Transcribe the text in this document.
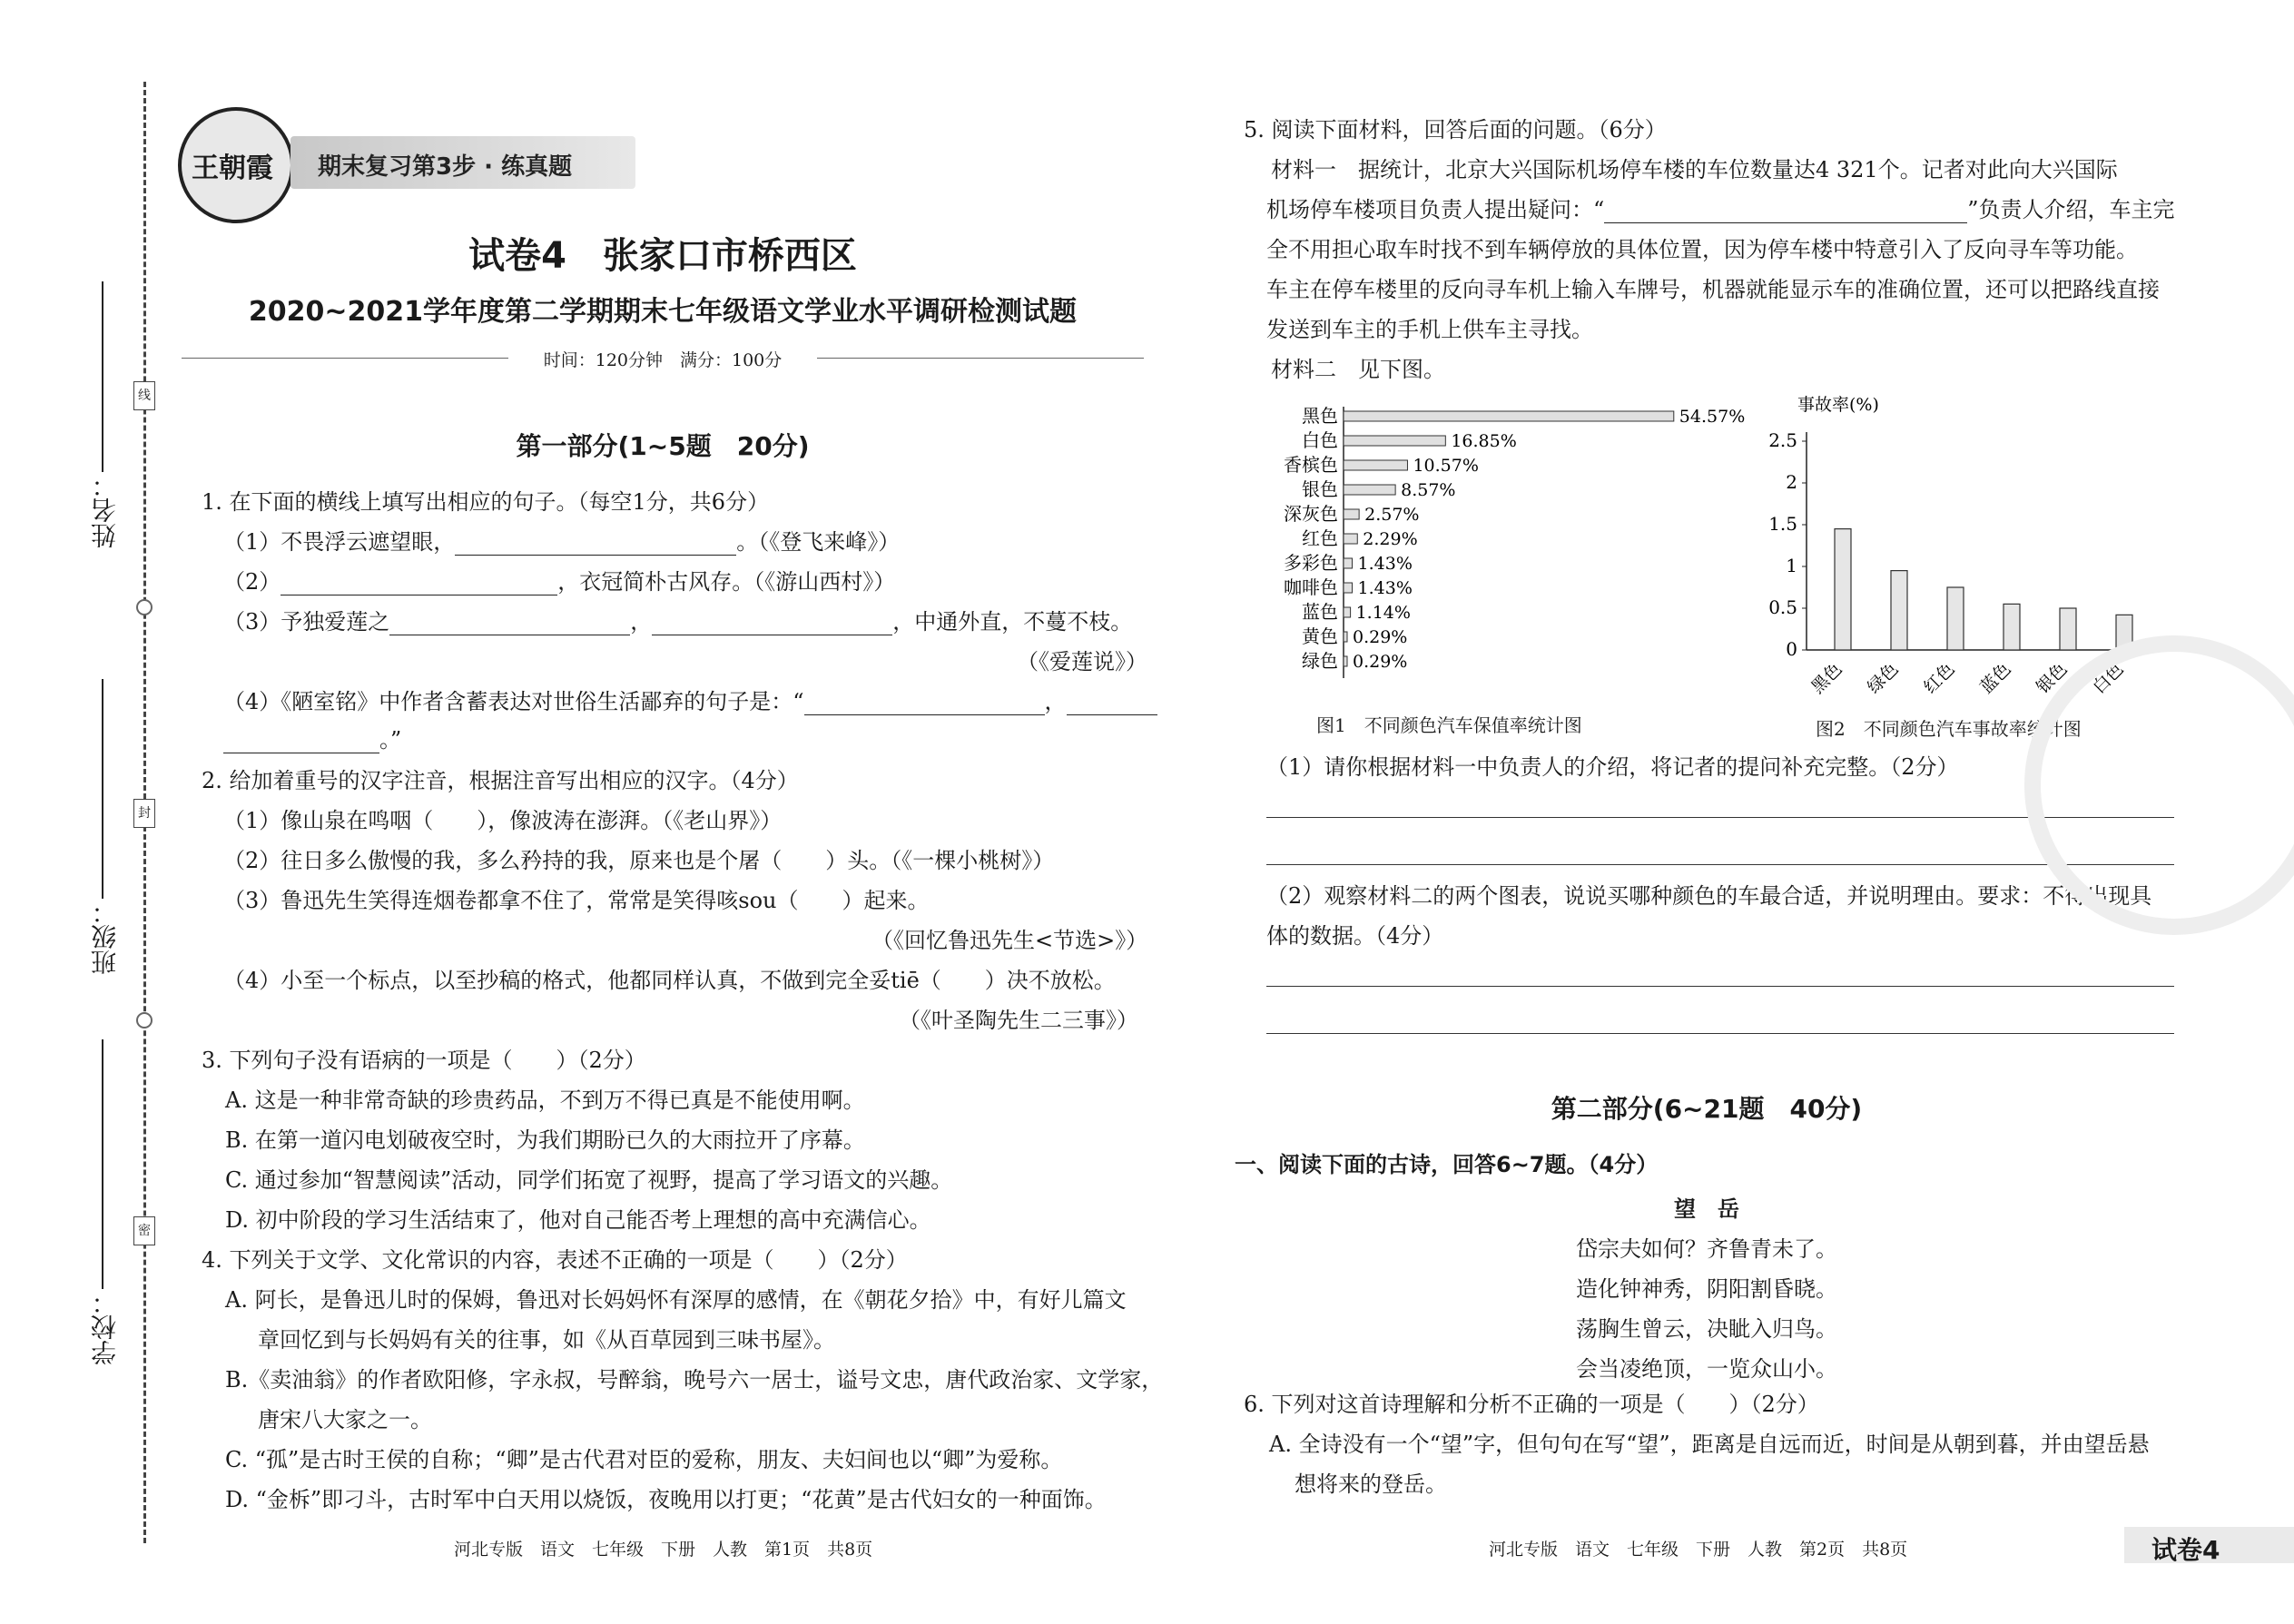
姓名：
班级：
学校：
线
封
密
王朝霞	期末复习第3步 · 练真题
试卷4　张家口市桥西区
2020~2021学年度第二学期期末七年级语文学业水平调研检测试题
时间：120分钟　满分：100分
第一部分(1~5题　20分)
1. 在下面的横线上填写出相应的句子。（每空1分，共6分）
（1）不畏浮云遮望眼，	。（《登飞来峰》）
（2）	，衣冠简朴古风存。（《游山西村》）
（3）予独爱莲之	，	，中通外直，不蔓不枝。
（《爱莲说》）
（4）《陋室铭》中作者含蓄表达对世俗生活鄙弃的句子是：“	，
。”
2. 给加着重号的汉字注音，根据注音写出相应的汉字。（4分）
（1）像山泉在鸣咽（　　），像波涛在澎湃。（《老山界》）
（2）往日多么傲慢的我，多么矜持的我，原来也是个屠（　　）头。（《一棵小桃树》）
（3）鲁迅先生笑得连烟卷都拿不住了，常常是笑得咳sou（　　）起来。
（《回忆鲁迅先生<节选>》）
（4）小至一个标点，以至抄稿的格式，他都同样认真，不做到完全妥tiē（　　）决不放松。
（《叶圣陶先生二三事》）
3. 下列句子没有语病的一项是（　　）（2分）
A. 这是一种非常奇缺的珍贵药品，不到万不得已真是不能使用啊。
B. 在第一道闪电划破夜空时，为我们期盼已久的大雨拉开了序幕。
C. 通过参加“智慧阅读”活动，同学们拓宽了视野，提高了学习语文的兴趣。
D. 初中阶段的学习生活结束了，他对自己能否考上理想的高中充满信心。
4. 下列关于文学、文化常识的内容，表述不正确的一项是（　　）（2分）
A. 阿长，是鲁迅儿时的保姆，鲁迅对长妈妈怀有深厚的感情，在《朝花夕拾》中，有好儿篇文
章回忆到与长妈妈有关的往事，如《从百草园到三味书屋》。
B.《卖油翁》的作者欧阳修，字永叔，号醉翁，晚号六一居士，谥号文忠，唐代政治家、文学家，
唐宋八大家之一。
C. “孤”是古时王侯的自称；“卿”是古代君对臣的爱称，朋友、夫妇间也以“卿”为爱称。
D. “金柝”即刁斗，古时军中白天用以烧饭，夜晚用以打更；“花黄”是古代妇女的一种面饰。
河北专版　语文　七年级　下册　人教　第1页　共8页
5. 阅读下面材料，回答后面的问题。（6分）
材料一　据统计，北京大兴国际机场停车楼的车位数量达4 321个。记者对此向大兴国际
机场停车楼项目负责人提出疑问：“	”负责人介绍，车主完
全不用担心取车时找不到车辆停放的具体位置，因为停车楼中特意引入了反向寻车等功能。
车主在停车楼里的反向寻车机上输入车牌号，机器就能显示车的准确位置，还可以把路线直接
发送到车主的手机上供车主寻找。
材料二　见下图。
黑色	54.57%
白色	16.85%
香槟色	10.57%
银色	8.57%
深灰色 2.57%
红色 2.29%
多彩色 1.43%
咖啡色 1.43%
蓝色 1.14%
黄色 0.29%
绿色 0.29%
图1　不同颜色汽车保值率统计图
事故率(%)
0
0.5
1
1.5
2
2.5
黑色 绿色 红色 蓝色 银色 白色
图2　不同颜色汽车事故率统计图
（1）请你根据材料一中负责人的介绍，将记者的提问补充完整。（2分）
（2）观察材料二的两个图表，说说买哪种颜色的车最合适，并说明理由。要求：不得出现具
体的数据。（4分）
第二部分(6~21题　40分)
一、阅读下面的古诗，回答6~7题。（4分）
望　岳
岱宗夫如何？齐鲁青未了。
造化钟神秀，阴阳割昏晓。
荡胸生曾云，决眦入归鸟。
会当凌绝顶，一览众山小。
6. 下列对这首诗理解和分析不正确的一项是（　　）（2分）
A. 全诗没有一个“望”字，但句句在写“望”，距离是自远而近，时间是从朝到暮，并由望岳悬
想将来的登岳。
河北专版　语文　七年级　下册　人教　第2页　共8页	试卷4
